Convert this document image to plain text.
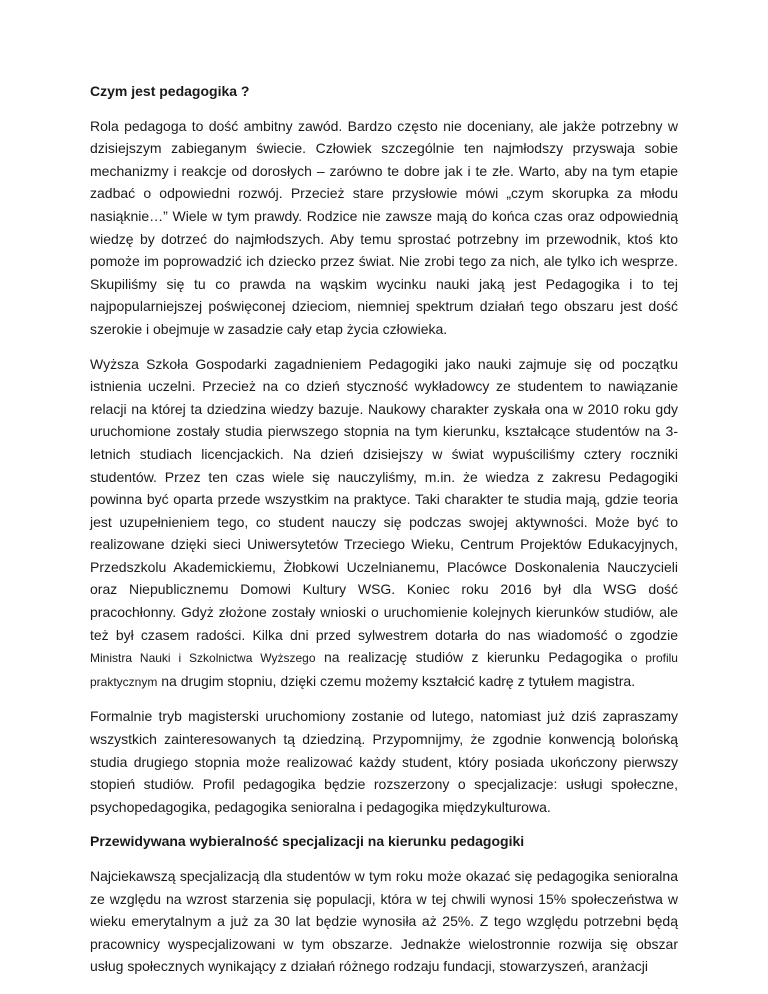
Czym jest pedagogika ?

Rola pedagoga to dość ambitny zawód. Bardzo często nie doceniany, ale jakże potrzebny w dzisiejszym zabieganym świecie. Człowiek szczególnie ten najmłodszy przyswaja sobie mechanizmy i reakcje od dorosłych – zarówno te dobre jak i te złe. Warto, aby na tym etapie zadbać o odpowiedni rozwój. Przecież stare przysłowie mówi „czym skorupka za młodu nasiąknie…” Wiele w tym prawdy. Rodzice nie zawsze mają do końca czas oraz odpowiednią wiedzę by dotrzeć do najmłodszych. Aby temu sprostać potrzebny im przewodnik, ktoś kto pomoże im poprowadzić ich dziecko przez świat. Nie zrobi tego za nich, ale tylko ich wesprze. Skupiliśmy się tu co prawda na wąskim wycinku nauki jaką jest Pedagogika i to tej najpopularniejszej poświęconej dzieciom, niemniej spektrum działań tego obszaru jest dość szerokie i obejmuje w zasadzie cały etap życia człowieka.

Wyższa Szkoła Gospodarki zagadnieniem Pedagogiki jako nauki zajmuje się od początku istnienia uczelni. Przecież na co dzień styczność wykładowcy ze studentem to nawiązanie relacji na której ta dziedzina wiedzy bazuje. Naukowy charakter zyskała ona w 2010 roku gdy uruchomione zostały studia pierwszego stopnia na tym kierunku, kształcące studentów na 3-letnich studiach licencjackich. Na dzień dzisiejszy w świat wypuściliśmy cztery roczniki studentów. Przez ten czas wiele się nauczyliśmy, m.in. że wiedza z zakresu Pedagogiki powinna być oparta przede wszystkim na praktyce. Taki charakter te studia mają, gdzie teoria jest uzupełnieniem tego, co student nauczy się podczas swojej aktywności. Może być to realizowane dzięki sieci Uniwersytetów Trzeciego Wieku, Centrum Projektów Edukacyjnych, Przedszkolu Akademickiemu, Żłobkowi Uczelnianemu, Placówce Doskonalenia Nauczycieli oraz Niepublicznemu Domowi Kultury WSG. Koniec roku 2016 był dla WSG dość pracochłonny. Gdyż złożone zostały wnioski o uruchomienie kolejnych kierunków studiów, ale też był czasem radości. Kilka dni przed sylwestrem dotarła do nas wiadomość o zgodzie Ministra Nauki i Szkolnictwa Wyższego na realizację studiów z kierunku Pedagogika o profilu praktycznym na drugim stopniu, dzięki czemu możemy kształcić kadrę z tytułem magistra.

Formalnie tryb magisterski uruchomiony zostanie od lutego, natomiast już dziś zapraszamy wszystkich zainteresowanych tą dziedziną. Przypomnijmy, że zgodnie konwencją bolońską studia drugiego stopnia może realizować każdy student, który posiada ukończony pierwszy stopień studiów. Profil pedagogika będzie rozszerzony o specjalizacje: usługi społeczne, psychopedagogika, pedagogika senioralna i pedagogika międzykulturowa.

Przewidywana wybieralność specjalizacji na kierunku pedagogiki

Najciekawszą specjalizacją dla studentów w tym roku może okazać się pedagogika senioralna ze względu na wzrost starzenia się populacji, która w tej chwili wynosi 15% społeczeństwa w wieku emerytalnym a już za 30 lat będzie wynosiła aż 25%. Z tego względu potrzebni będą pracownicy wyspecjalizowani w tym obszarze. Jednakże wielostronnie rozwija się obszar usług społecznych wynikający z działań różnego rodzaju fundacji, stowarzyszeń, aranżacji
